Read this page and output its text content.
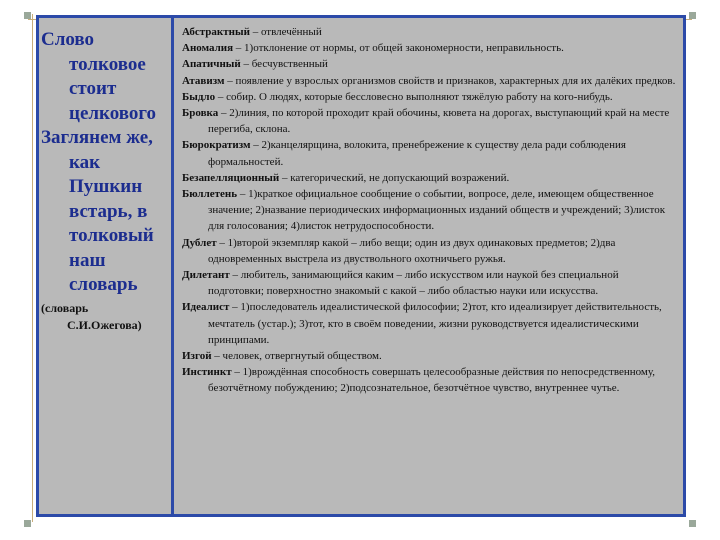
Слово
толковое
стоит
целкового
Заглянем же,
как
Пушкин
встарь, в
толковый
наш
словарь
(словарь
С.И.Ожегова)
Абстрактный – отвлечённый
Аномалия – 1)отклонение от нормы, от общей закономерности, неправильность.
Апатичный – бесчувственный
Атавизм – появление у взрослых организмов свойств и признаков, характерных для их далёких предков.
Быдло – собир. О людях, которые бессловесно выполняют тяжёлую работу на кого-нибудь.
Бровка – 2)линия, по которой проходит край обочины, кювета на дорогах, выступающий край на месте перегиба, склона.
Бюрократизм – 2)канцелярщина, волокита, пренебрежение к существу дела ради соблюдения формальностей.
Безапелляционный – категорический, не допускающий возражений.
Бюллетень – 1)краткое официальное сообщение о событии, вопросе, деле, имеющем общественное значение; 2)название периодических информационных изданий обществ и учреждений; 3)листок для голосования; 4)листок нетрудоспособности.
Дублет – 1)второй экземпляр какой – либо вещи; один из двух одинаковых предметов; 2)два одновременных выстрела из двуствольного охотничьего ружья.
Дилетант – любитель, занимающийся каким – либо искусством или наукой без специальной подготовки; поверхностно знакомый с какой – либо областью науки или искусства.
Идеалист – 1)последователь идеалистической философии; 2)тот, кто идеализирует действительность, мечтатель (устар.); 3)тот, кто в своём поведении, жизни руководствуется идеалистическими принципами.
Изгой – человек, отвергнутый обществом.
Инстинкт – 1)врождённая способность совершать целесообразные действия по непосредственному, безотчётному побуждению; 2)подсознательное, безотчётное чувство, внутреннее чутье.
